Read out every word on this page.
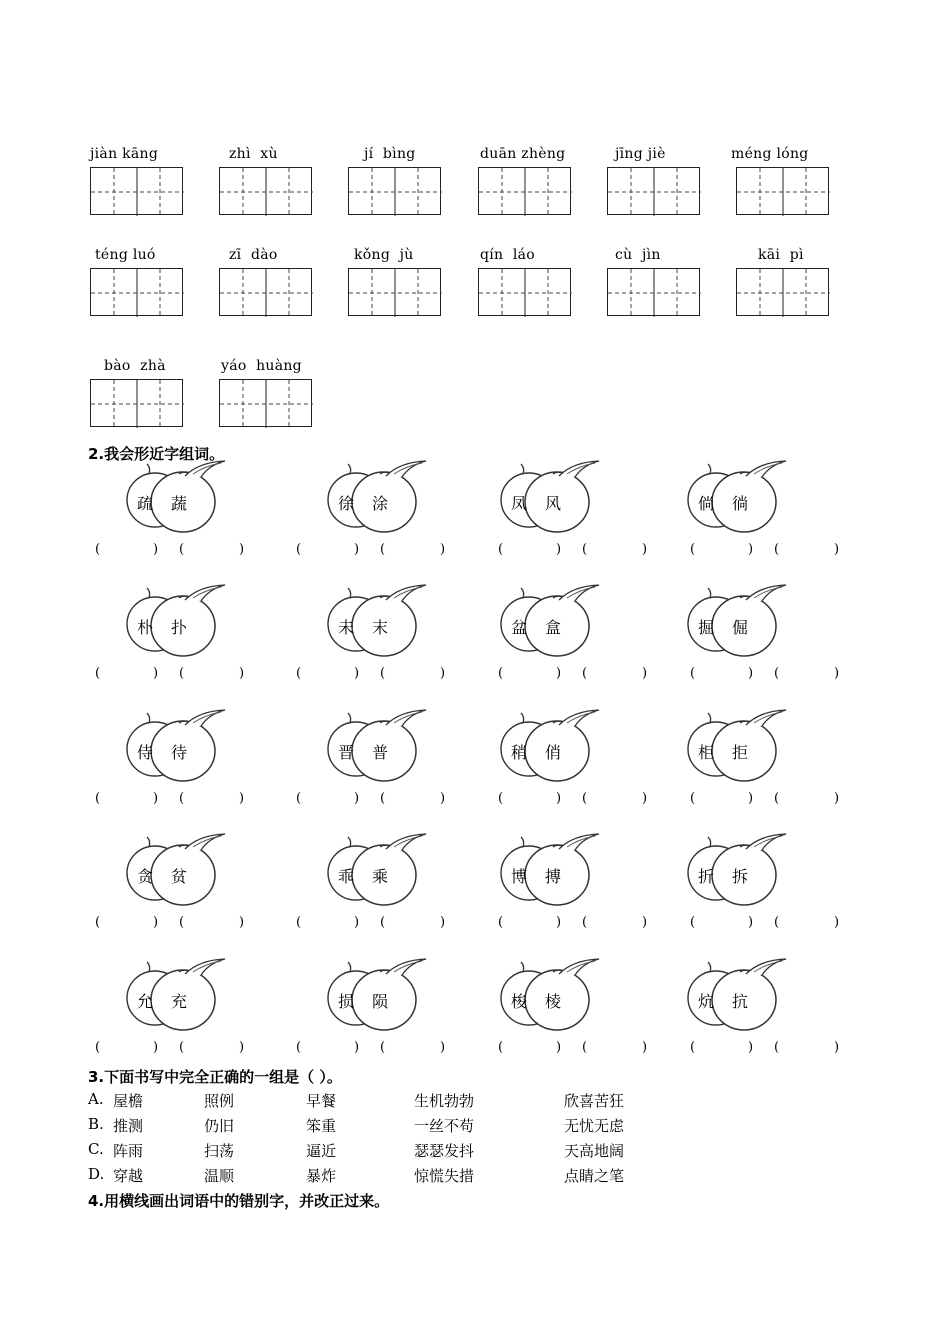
jiàn kāng	zhì  xù	jí  bìng	duān zhèng	jīng jiè	méng lóng
téng luó	zī  dào	kǒng  jù	qín  láo	cù  jìn	kāi  pì
bào  zhà	yáo  huàng
2.我会形近字组词。
疏 蔬
(	) (	)
徐 涂
(	) (	)
凤 风
(	) (	)
倘 徜
(	) (	)
朴 扑
(	) (	)
未 末
(	) (	)
盆 盒
(	) (	)
掘 倔
(	) (	)
侍 待
(	) (	)
晋 普
(	) (	)
稍 俏
(	) (	)
柜 拒
(	) (	)
贪 贫
(	) (	)
乖 乘
(	) (	)
博 搏
(	) (	)
折 拆
(	) (	)
允 充
(	) (	)
损 陨
(	) (	)
梭 棱
(	) (	)
炕 抗
(	) (	)
3.下面书写中完全正确的一组是（ ）。
A. 屋檐	照例	早餐	生机勃勃	欣喜苦狂
B. 推测	仍旧	笨重	一丝不苟	无忧无虑
C. 阵雨	扫荡	逼近	瑟瑟发抖	天高地阔
D. 穿越	温顺	暴炸	惊慌失措	点睛之笔
4.用横线画出词语中的错别字，并改正过来。
